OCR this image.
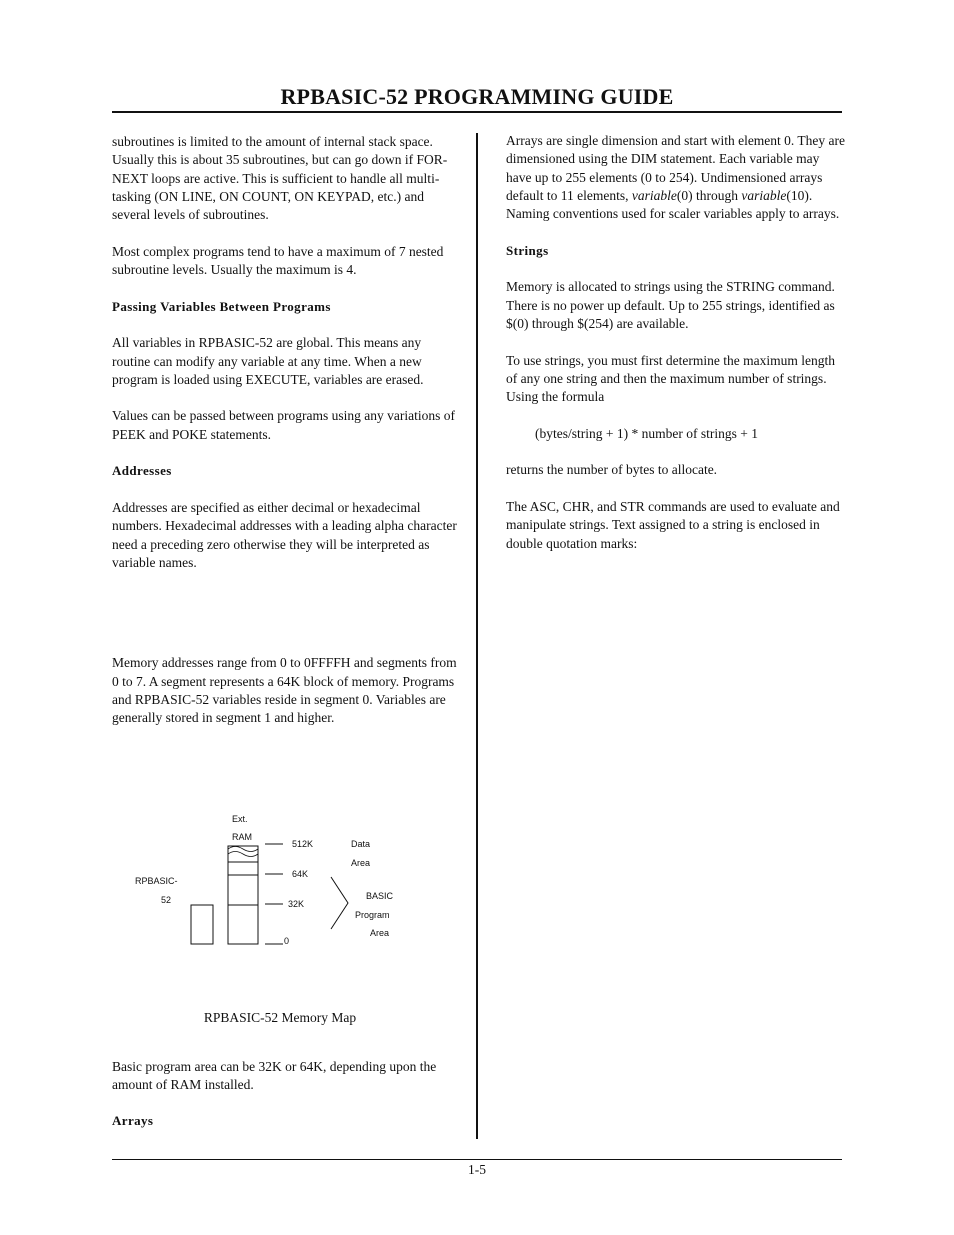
RPBASIC-52 PROGRAMMING GUIDE

subroutines is limited to the amount of internal stack space. Usually this is about 35 subroutines, but can go down if FOR-NEXT loops are active. This is sufficient to handle all multi-tasking (ON LINE, ON COUNT, ON KEYPAD, etc.) and several levels of subroutines.

Most complex programs tend to have a maximum of 7 nested subroutine levels. Usually the maximum is 4.

Passing Variables Between Programs

All variables in RPBASIC-52 are global. This means any routine can modify any variable at any time. When a new program is loaded using EXECUTE, variables are erased.

Values can be passed between programs using any variations of PEEK and POKE statements.

Addresses

Addresses are specified as either decimal or hexadecimal numbers. Hexadecimal addresses with a leading alpha character need a preceding zero otherwise they will be interpreted as variable names.

Memory addresses range from 0 to 0FFFFH and segments from 0 to 7. A segment represents a 64K block of memory. Programs and RPBASIC-52 variables reside in segment 0. Variables are generally stored in segment 1 and higher.

Ext.
RAM
RPBASIC-
52
512K
64K
32K
0
Data
Area
BASIC
Program
Area

RPBASIC-52 Memory Map

Basic program area can be 32K or 64K, depending upon the amount of RAM installed.

Arrays

Arrays are single dimension and start with element 0. They are dimensioned using the DIM statement. Each variable may have up to 255 elements (0 to 254). Undimensioned arrays default to 11 elements, variable(0) through variable(10). Naming conventions used for scaler variables apply to arrays.

Strings

Memory is allocated to strings using the STRING command. There is no power up default. Up to 255 strings, identified as $(0) through $(254) are available.

To use strings, you must first determine the maximum length of any one string and then the maximum number of strings. Using the formula

(bytes/string + 1) * number of strings + 1

returns the number of bytes to allocate.

The ASC, CHR, and STR commands are used to evaluate and manipulate strings. Text assigned to a string is enclosed in double quotation marks:

1-5
